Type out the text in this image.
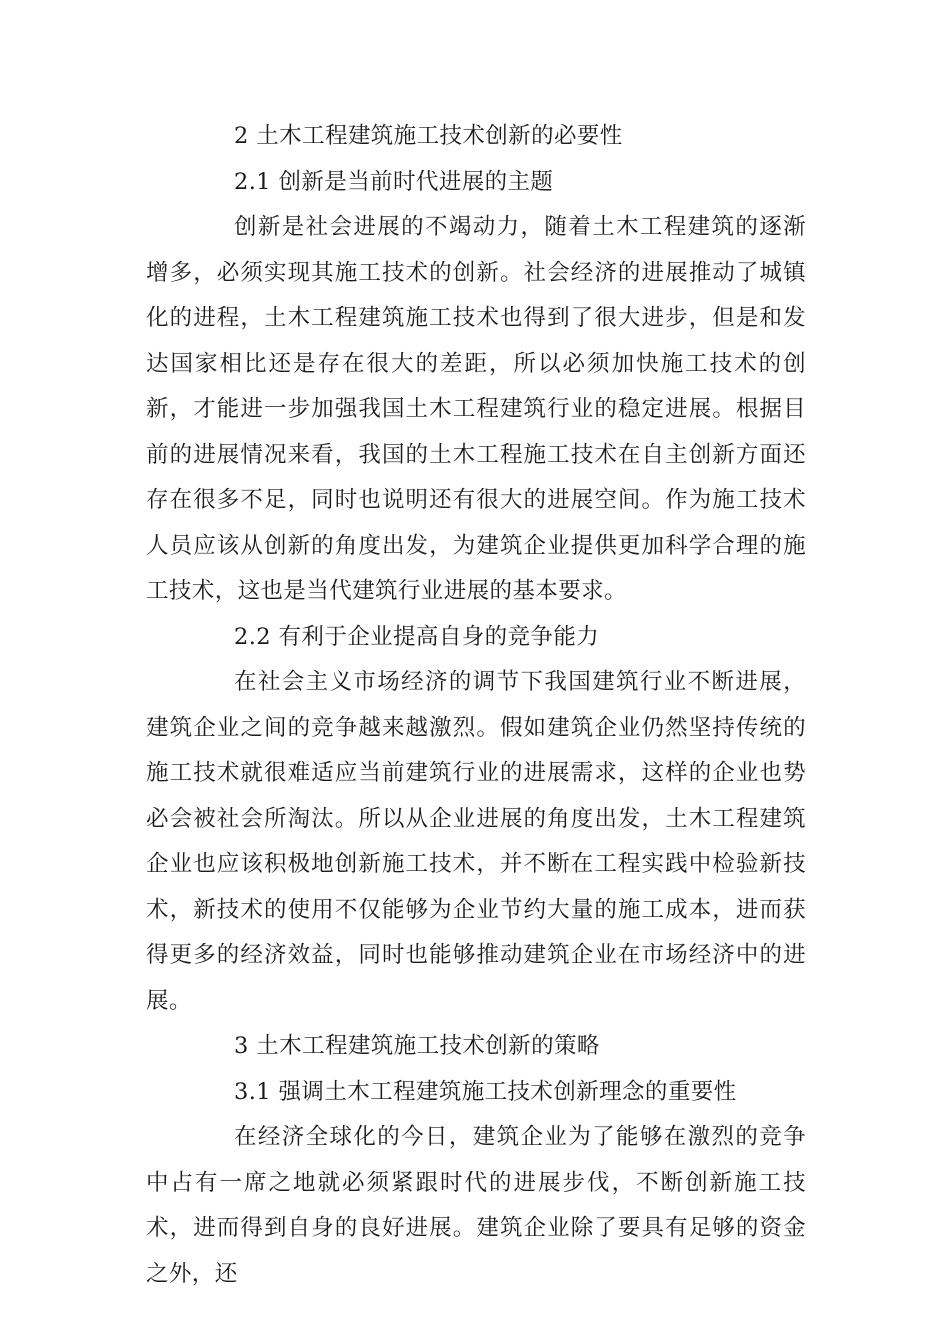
2 土木工程建筑施工技术创新的必要性

2.1 创新是当前时代进展的主题

创新是社会进展的不竭动力，随着土木工程建筑的逐渐增多，必须实现其施工技术的创新。社会经济的进展推动了城镇化的进程，土木工程建筑施工技术也得到了很大进步，但是和发达国家相比还是存在很大的差距，所以必须加快施工技术的创新，才能进一步加强我国土木工程建筑行业的稳定进展。根据目前的进展情况来看，我国的土木工程施工技术在自主创新方面还存在很多不足，同时也说明还有很大的进展空间。作为施工技术人员应该从创新的角度出发，为建筑企业提供更加科学合理的施工技术，这也是当代建筑行业进展的基本要求。

2.2 有利于企业提高自身的竞争能力

在社会主义市场经济的调节下我国建筑行业不断进展，建筑企业之间的竞争越来越激烈。假如建筑企业仍然坚持传统的施工技术就很难适应当前建筑行业的进展需求，这样的企业也势必会被社会所淘汰。所以从企业进展的角度出发，土木工程建筑企业也应该积极地创新施工技术，并不断在工程实践中检验新技术，新技术的使用不仅能够为企业节约大量的施工成本，进而获得更多的经济效益，同时也能够推动建筑企业在市场经济中的进展。

3 土木工程建筑施工技术创新的策略

3.1 强调土木工程建筑施工技术创新理念的重要性

在经济全球化的今日，建筑企业为了能够在激烈的竞争中占有一席之地就必须紧跟时代的进展步伐，不断创新施工技术，进而得到自身的良好进展。建筑企业除了要具有足够的资金之外，还
